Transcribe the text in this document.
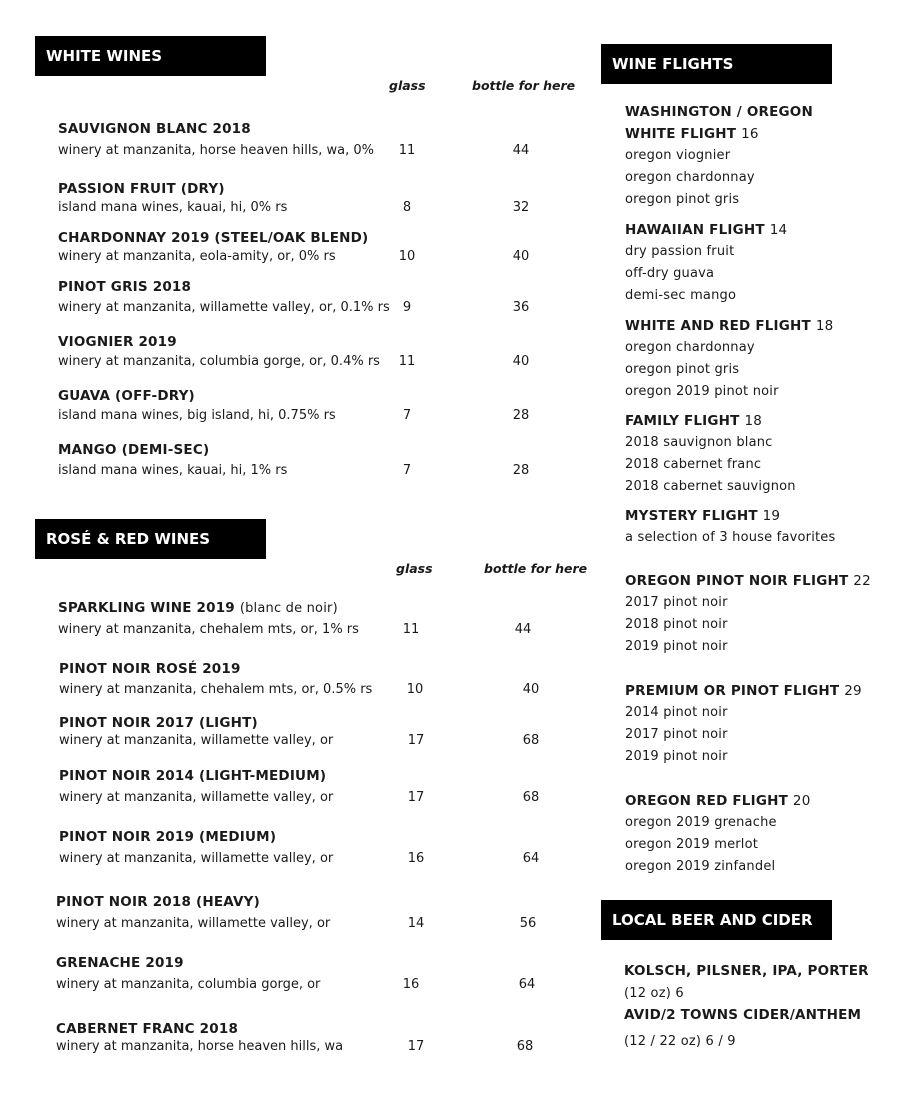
WHITE WINES
glass	bottle for here
SAUVIGNON BLANC 2018
winery at manzanita, horse heaven hills, wa, 0%	11	44
PASSION FRUIT (DRY)
island mana wines, kauai, hi, 0% rs	8	32
CHARDONNAY 2019 (STEEL/OAK BLEND)
winery at manzanita, eola-amity, or, 0% rs	10	40
PINOT GRIS 2018
winery at manzanita, willamette valley, or, 0.1% rs	9	36
VIOGNIER 2019
winery at manzanita, columbia gorge, or, 0.4% rs	11	40
GUAVA (OFF-DRY)
island mana wines, big island, hi, 0.75% rs	7	28
MANGO (DEMI-SEC)
island mana wines, kauai, hi, 1% rs	7	28
ROSÉ & RED WINES
glass	bottle for here
SPARKLING WINE 2019 (blanc de noir)
winery at manzanita, chehalem mts, or, 1% rs	11	44
PINOT NOIR ROSÉ 2019
winery at manzanita, chehalem mts, or, 0.5% rs	10	40
PINOT NOIR 2017 (LIGHT)
winery at manzanita, willamette valley, or	17	68
PINOT NOIR 2014 (LIGHT-MEDIUM)
winery at manzanita, willamette valley, or	17	68
PINOT NOIR 2019 (MEDIUM)
winery at manzanita, willamette valley, or	16	64
PINOT NOIR 2018 (HEAVY)
winery at manzanita, willamette valley, or	14	56
GRENACHE 2019
winery at manzanita, columbia gorge, or	16	64
CABERNET FRANC 2018
winery at manzanita, horse heaven hills, wa	17	68
WINE FLIGHTS
WASHINGTON / OREGON
WHITE FLIGHT 16
oregon viognier
oregon chardonnay
oregon pinot gris
HAWAIIAN FLIGHT 14
dry passion fruit
off-dry guava
demi-sec mango
WHITE AND RED FLIGHT 18
oregon chardonnay
oregon pinot gris
oregon 2019 pinot noir
FAMILY FLIGHT 18
2018 sauvignon blanc
2018 cabernet franc
2018 cabernet sauvignon
MYSTERY FLIGHT 19
a selection of 3 house favorites
OREGON PINOT NOIR FLIGHT 22
2017 pinot noir
2018 pinot noir
2019 pinot noir
PREMIUM OR PINOT FLIGHT 29
2014 pinot noir
2017 pinot noir
2019 pinot noir
OREGON RED FLIGHT 20
oregon 2019 grenache
oregon 2019 merlot
oregon 2019 zinfandel
LOCAL BEER AND CIDER
KOLSCH, PILSNER, IPA, PORTER
(12 oz) 6
AVID/2 TOWNS CIDER/ANTHEM
(12 / 22 oz) 6 / 9
